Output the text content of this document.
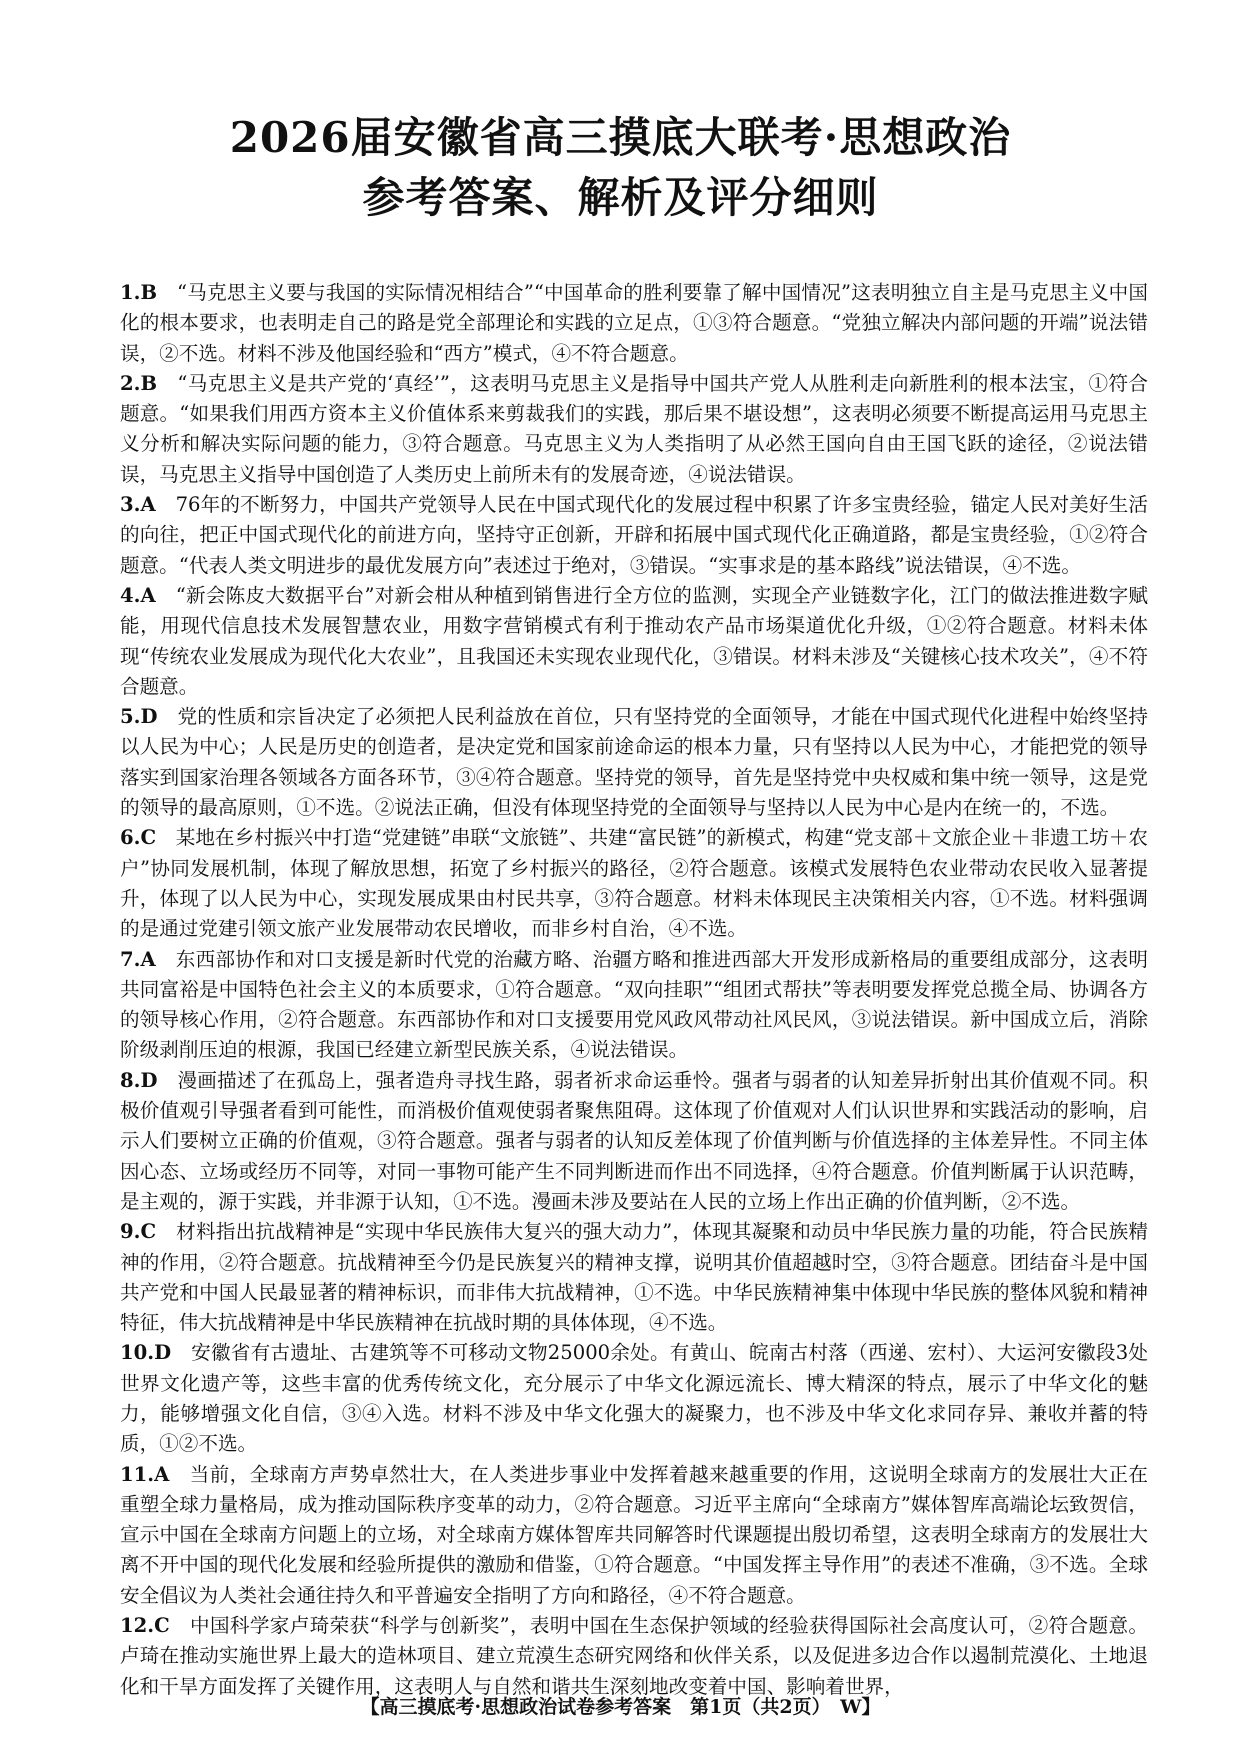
2026届安徽省高三摸底大联考·思想政治
参考答案、解析及评分细则

1.B　 “马克思主义要与我国的实际情况相结合”“中国革命的胜利要靠了解中国情况”这表明独立自主是马克思主义中国化的根本要求，也表明走自己的路是党全部理论和实践的立足点，①③符合题意。“党独立解决内部问题的开端”说法错误，②不选。材料不涉及他国经验和“西方”模式，④不符合题意。

2.B　 “马克思主义是共产党的‘真经’”，这表明马克思主义是指导中国共产党人从胜利走向新胜利的根本法宝，①符合题意。“如果我们用西方资本主义价值体系来剪裁我们的实践，那后果不堪设想”，这表明必须要不断提高运用马克思主义分析和解决实际问题的能力，③符合题意。马克思主义为人类指明了从必然王国向自由王国飞跃的途径，②说法错误，马克思主义指导中国创造了人类历史上前所未有的发展奇迹，④说法错误。

3.A　 76年的不断努力，中国共产党领导人民在中国式现代化的发展过程中积累了许多宝贵经验，锚定人民对美好生活的向往，把正中国式现代化的前进方向，坚持守正创新，开辟和拓展中国式现代化正确道路，都是宝贵经验，①②符合题意。“代表人类文明进步的最优发展方向”表述过于绝对，③错误。“实事求是的基本路线”说法错误，④不选。

4.A　 “新会陈皮大数据平台”对新会柑从种植到销售进行全方位的监测，实现全产业链数字化，江门的做法推进数字赋能，用现代信息技术发展智慧农业，用数字营销模式有利于推动农产品市场渠道优化升级，①②符合题意。材料未体现“传统农业发展成为现代化大农业”，且我国还未实现农业现代化，③错误。材料未涉及“关键核心技术攻关”，④不符合题意。

5.D　 党的性质和宗旨决定了必须把人民利益放在首位，只有坚持党的全面领导，才能在中国式现代化进程中始终坚持以人民为中心；人民是历史的创造者，是决定党和国家前途命运的根本力量，只有坚持以人民为中心，才能把党的领导落实到国家治理各领域各方面各环节，③④符合题意。坚持党的领导，首先是坚持党中央权威和集中统一领导，这是党的领导的最高原则，①不选。②说法正确，但没有体现坚持党的全面领导与坚持以人民为中心是内在统一的，不选。

6.C　 某地在乡村振兴中打造“党建链”串联“文旅链”、共建“富民链”的新模式，构建“党支部＋文旅企业＋非遗工坊＋农户”协同发展机制，体现了解放思想，拓宽了乡村振兴的路径，②符合题意。该模式发展特色农业带动农民收入显著提升，体现了以人民为中心，实现发展成果由村民共享，③符合题意。材料未体现民主决策相关内容，①不选。材料强调的是通过党建引领文旅产业发展带动农民增收，而非乡村自治，④不选。

7.A　 东西部协作和对口支援是新时代党的治藏方略、治疆方略和推进西部大开发形成新格局的重要组成部分，这表明共同富裕是中国特色社会主义的本质要求，①符合题意。“双向挂职”“组团式帮扶”等表明要发挥党总揽全局、协调各方的领导核心作用，②符合题意。东西部协作和对口支援要用党风政风带动社风民风，③说法错误。新中国成立后，消除阶级剥削压迫的根源，我国已经建立新型民族关系，④说法错误。

8.D　 漫画描述了在孤岛上，强者造舟寻找生路，弱者祈求命运垂怜。强者与弱者的认知差异折射出其价值观不同。积极价值观引导强者看到可能性，而消极价值观使弱者聚焦阻碍。这体现了价值观对人们认识世界和实践活动的影响，启示人们要树立正确的价值观，③符合题意。强者与弱者的认知反差体现了价值判断与价值选择的主体差异性。不同主体因心态、立场或经历不同等，对同一事物可能产生不同判断进而作出不同选择，④符合题意。价值判断属于认识范畴，是主观的，源于实践，并非源于认知，①不选。漫画未涉及要站在人民的立场上作出正确的价值判断，②不选。

9.C　 材料指出抗战精神是“实现中华民族伟大复兴的强大动力”，体现其凝聚和动员中华民族力量的功能，符合民族精神的作用，②符合题意。抗战精神至今仍是民族复兴的精神支撑，说明其价值超越时空，③符合题意。团结奋斗是中国共产党和中国人民最显著的精神标识，而非伟大抗战精神，①不选。中华民族精神集中体现中华民族的整体风貌和精神特征，伟大抗战精神是中华民族精神在抗战时期的具体体现，④不选。

10.D　 安徽省有古遗址、古建筑等不可移动文物25000余处。有黄山、皖南古村落（西递、宏村）、大运河安徽段3处世界文化遗产等，这些丰富的优秀传统文化，充分展示了中华文化源远流长、博大精深的特点，展示了中华文化的魅力，能够增强文化自信，③④入选。材料不涉及中华文化强大的凝聚力，也不涉及中华文化求同存异、兼收并蓄的特质，①②不选。

11.A　 当前，全球南方声势卓然壮大，在人类进步事业中发挥着越来越重要的作用，这说明全球南方的发展壮大正在重塑全球力量格局，成为推动国际秩序变革的动力，②符合题意。习近平主席向“全球南方”媒体智库高端论坛致贺信，宣示中国在全球南方问题上的立场，对全球南方媒体智库共同解答时代课题提出殷切希望，这表明全球南方的发展壮大离不开中国的现代化发展和经验所提供的激励和借鉴，①符合题意。“中国发挥主导作用”的表述不准确，③不选。全球安全倡议为人类社会通往持久和平普遍安全指明了方向和路径，④不符合题意。

12.C　 中国科学家卢琦荣获“科学与创新奖”，表明中国在生态保护领域的经验获得国际社会高度认可，②符合题意。卢琦在推动实施世界上最大的造林项目、建立荒漠生态研究网络和伙伴关系，以及促进多边合作以遏制荒漠化、土地退化和干旱方面发挥了关键作用，这表明人与自然和谐共生深刻地改变着中国、影响着世界，

【高三摸底考·思想政治试卷参考答案　第1页（共2页）　W】
